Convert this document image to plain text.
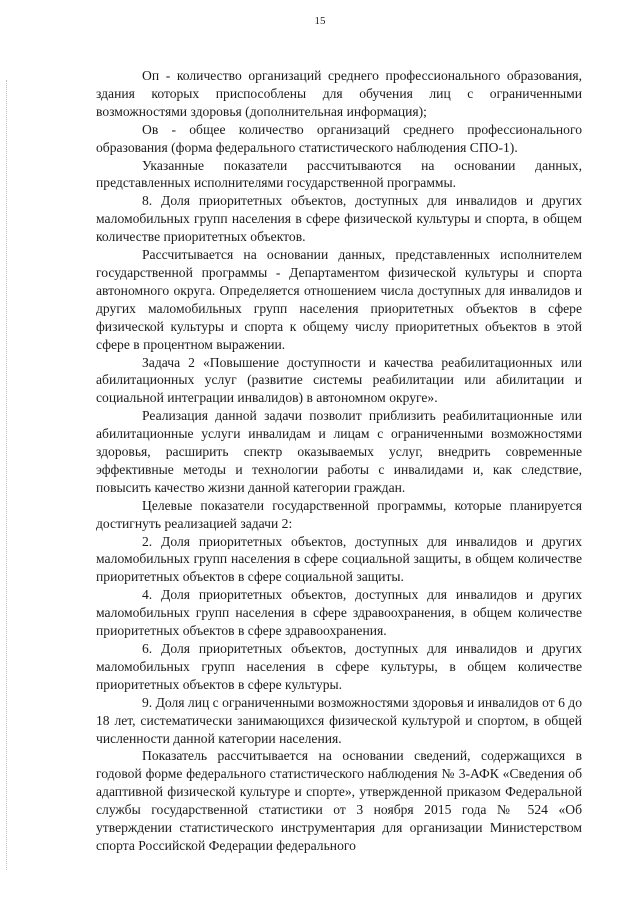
15

Оп - количество организаций среднего профессионального образования, здания которых приспособлены для обучения лиц с ограниченными возможностями здоровья (дополнительная информация);

Ов - общее количество организаций среднего профессионального образования (форма федерального статистического наблюдения СПО-1).

Указанные показатели рассчитываются на основании данных, представленных исполнителями государственной программы.

8. Доля приоритетных объектов, доступных для инвалидов и других маломобильных групп населения в сфере физической культуры и спорта, в общем количестве приоритетных объектов.

Рассчитывается на основании данных, представленных исполнителем государственной программы - Департаментом физической культуры и спорта автономного округа. Определяется отношением числа доступных для инвалидов и других маломобильных групп населения приоритетных объектов в сфере физической культуры и спорта к общему числу приоритетных объектов в этой сфере в процентном выражении.

Задача 2 «Повышение доступности и качества реабилитационных или абилитационных услуг (развитие системы реабилитации или абилитации и социальной интеграции инвалидов) в автономном округе».

Реализация данной задачи позволит приблизить реабилитационные или абилитационные услуги инвалидам и лицам с ограниченными возможностями здоровья, расширить спектр оказываемых услуг, внедрить современные эффективные методы и технологии работы с инвалидами и, как следствие, повысить качество жизни данной категории граждан.

Целевые показатели государственной программы, которые планируется достигнуть реализацией задачи 2:

2. Доля приоритетных объектов, доступных для инвалидов и других маломобильных групп населения в сфере социальной защиты, в общем количестве приоритетных объектов в сфере социальной защиты.

4. Доля приоритетных объектов, доступных для инвалидов и других маломобильных групп населения в сфере здравоохранения, в общем количестве приоритетных объектов в сфере здравоохранения.

6. Доля приоритетных объектов, доступных для инвалидов и других маломобильных групп населения в сфере культуры, в общем количестве приоритетных объектов в сфере культуры.

9. Доля лиц с ограниченными возможностями здоровья и инвалидов от 6 до 18 лет, систематически занимающихся физической культурой и спортом, в общей численности данной категории населения.

Показатель рассчитывается на основании сведений, содержащихся в годовой форме федерального статистического наблюдения № 3-АФК «Сведения об адаптивной физической культуре и спорте», утвержденной приказом Федеральной службы государственной статистики от 3 ноября 2015 года № 524 «Об утверждении статистического инструментария для организации Министерством спорта Российской Федерации федерального
